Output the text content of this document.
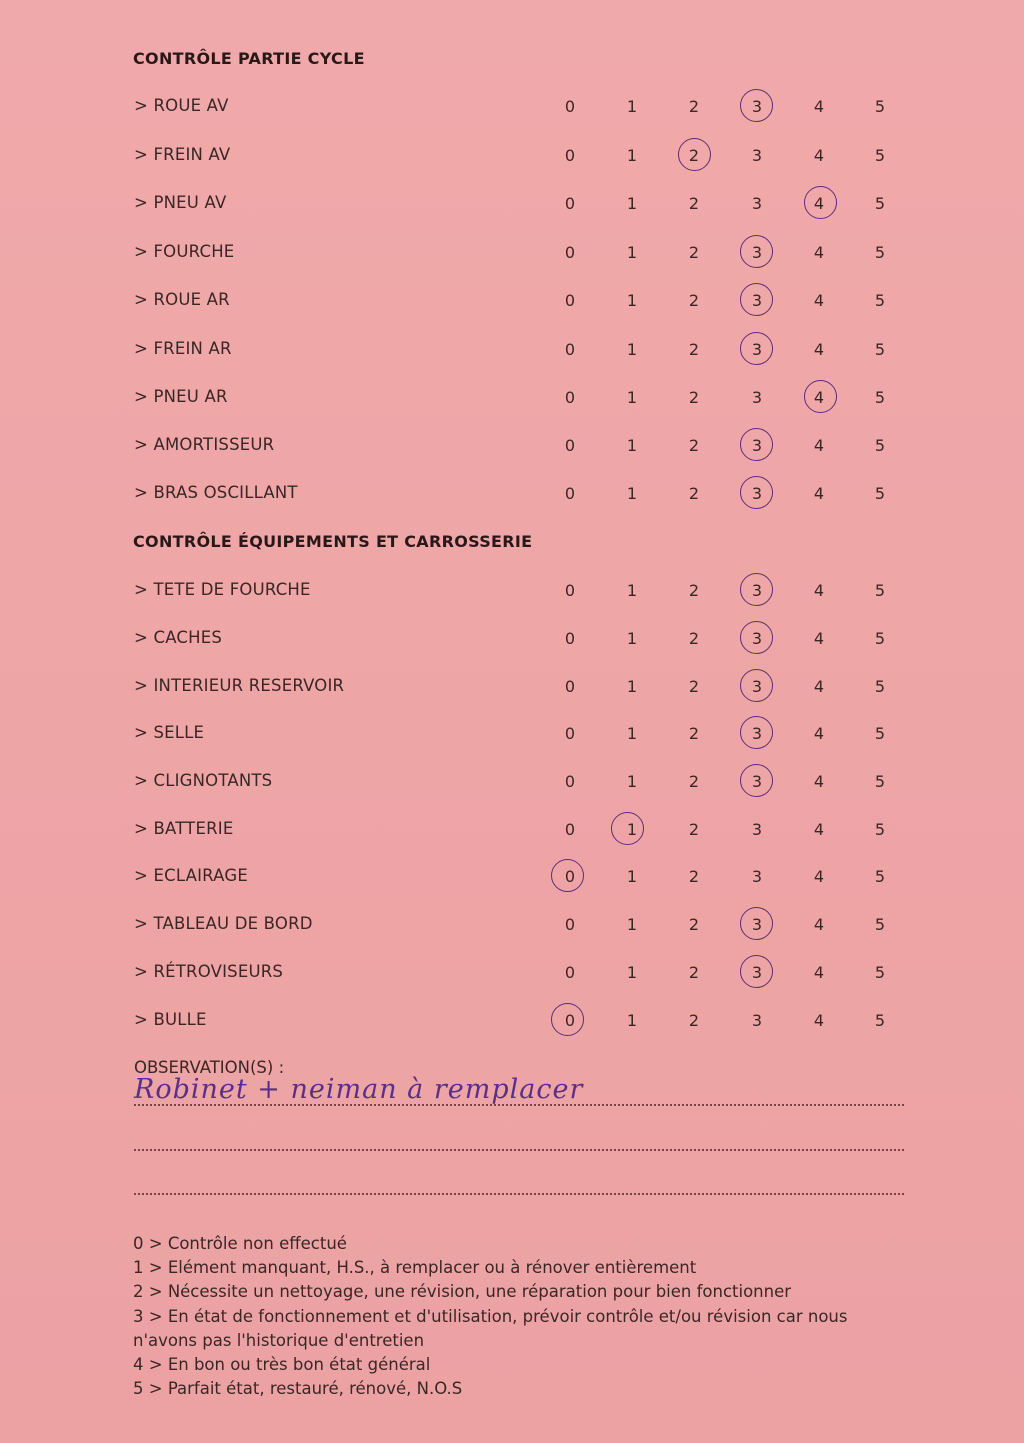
CONTRÔLE PARTIE CYCLE
CONTRÔLE ÉQUIPEMENTS ET CARROSSERIE
> ROUE AV	0	1	2	3	4	5
> FREIN AV	0	1	2	3	4	5
> PNEU AV	0	1	2	3	4	5
> FOURCHE	0	1	2	3	4	5
> ROUE AR	0	1	2	3	4	5
> FREIN AR	0	1	2	3	4	5
> PNEU AR	0	1	2	3	4	5
> AMORTISSEUR	0	1	2	3	4	5
> BRAS OSCILLANT	0	1	2	3	4	5
> TETE DE FOURCHE	0	1	2	3	4	5
> CACHES	0	1	2	3	4	5
> INTERIEUR RESERVOIR	0	1	2	3	4	5
> SELLE	0	1	2	3	4	5
> CLIGNOTANTS	0	1	2	3	4	5
> BATTERIE	0	1	2	3	4	5
> ECLAIRAGE	0	1	2	3	4	5
> TABLEAU DE BORD	0	1	2	3	4	5
> RÉTROVISEURS	0	1	2	3	4	5
> BULLE	0	1	2	3	4	5
OBSERVATION(S) :
Robinet + neiman à remplacer
0 > Contrôle non effectué
1 > Elément manquant, H.S., à remplacer ou à rénover entièrement
2 > Nécessite un nettoyage, une révision, une réparation pour bien fonctionner
3 > En état de fonctionnement et d'utilisation, prévoir contrôle et/ou révision car nous
n'avons pas l'historique d'entretien
4 > En bon ou très bon état général
5 > Parfait état, restauré, rénové, N.O.S
